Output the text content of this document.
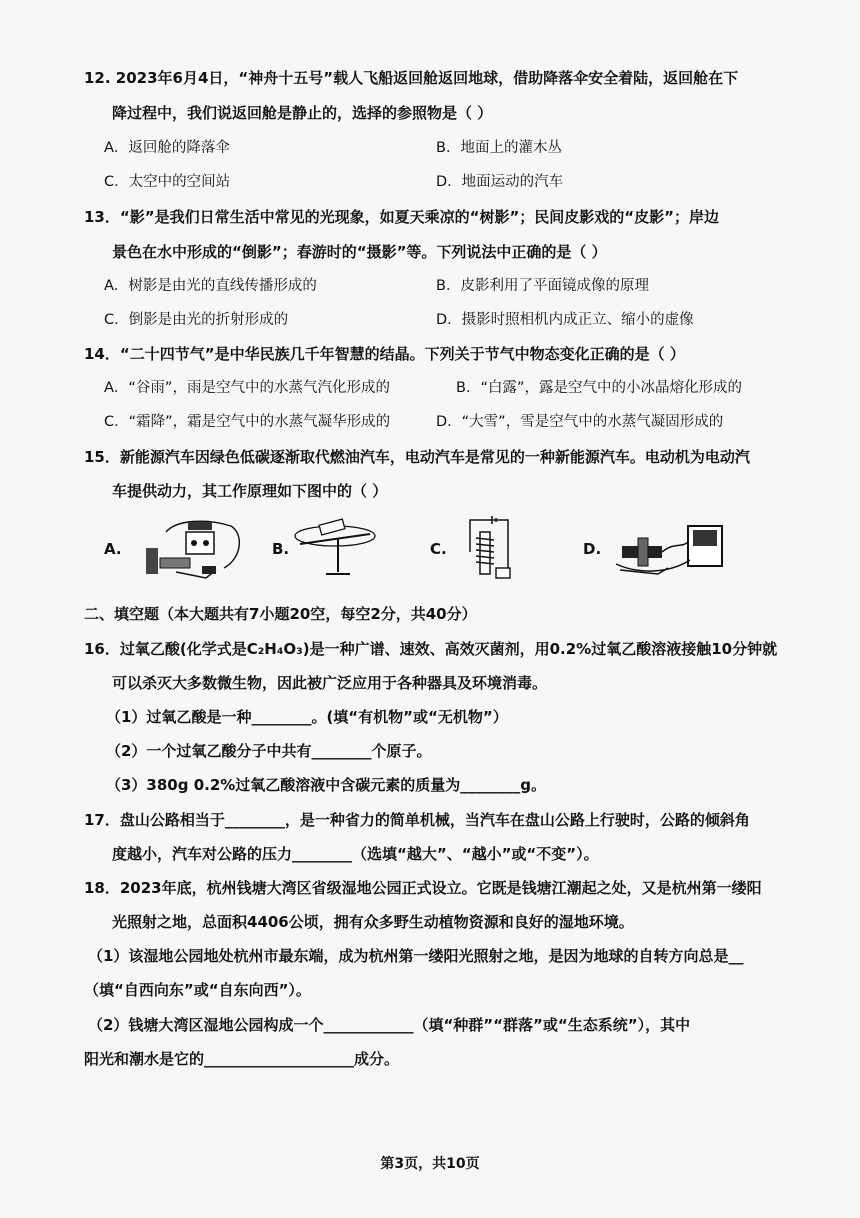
12. 2023年6月4日，“神舟十五号”载人飞船返回舱返回地球，借助降落伞安全着陆，返回舱在下
降过程中，我们说返回舱是静止的，选择的参照物是（ ）
A．返回舱的降落伞	B．地面上的灌木丛
C．太空中的空间站	D．地面运动的汽车
13．“影”是我们日常生活中常见的光现象，如夏天乘凉的“树影”；民间皮影戏的“皮影”；岸边
景色在水中形成的“倒影”；春游时的“摄影”等。下列说法中正确的是（ ）
A．树影是由光的直线传播形成的	B．皮影利用了平面镜成像的原理
C．倒影是由光的折射形成的	D．摄影时照相机内成正立、缩小的虚像
14．“二十四节气”是中华民族几千年智慧的结晶。下列关于节气中物态变化正确的是（ ）
A．“谷雨”，雨是空气中的水蒸气汽化形成的	B．“白露”，露是空气中的小冰晶熔化形成的
C．“霜降”，霜是空气中的水蒸气凝华形成的	D．“大雪”，雪是空气中的水蒸气凝固形成的
15．新能源汽车因绿色低碳逐渐取代燃油汽车，电动汽车是常见的一种新能源汽车。电动机为电动汽
车提供动力，其工作原理如下图中的（ ）
A.	B.	C.	D.
二、填空题（本大题共有7小题20空，每空2分，共40分）
16．过氧乙酸(化学式是C₂H₄O₃)是一种广谱、速效、高效灭菌剂，用0.2%过氧乙酸溶液接触10分钟就
可以杀灭大多数微生物，因此被广泛应用于各种器具及环境消毒。
（1）过氧乙酸是一种________。(填“有机物”或“无机物”）
（2）一个过氧乙酸分子中共有________个原子。
（3）380g 0.2%过氧乙酸溶液中含碳元素的质量为________g。
17．盘山公路相当于________，是一种省力的简单机械，当汽车在盘山公路上行驶时，公路的倾斜角
度越小，汽车对公路的压力________（选填“越大”、“越小”或“不变”）。
18．2023年底，杭州钱塘大湾区省级湿地公园正式设立。它既是钱塘江潮起之处，又是杭州第一缕阳
光照射之地，总面积4406公顷，拥有众多野生动植物资源和良好的湿地环境。
（1）该湿地公园地处杭州市最东端，成为杭州第一缕阳光照射之地，是因为地球的自转方向总是__
（填“自西向东”或“自东向西”）。
（2）钱塘大湾区湿地公园构成一个____________（填“种群”“群落”或“生态系统”），其中
阳光和潮水是它的____________________成分。
第3页，共10页
